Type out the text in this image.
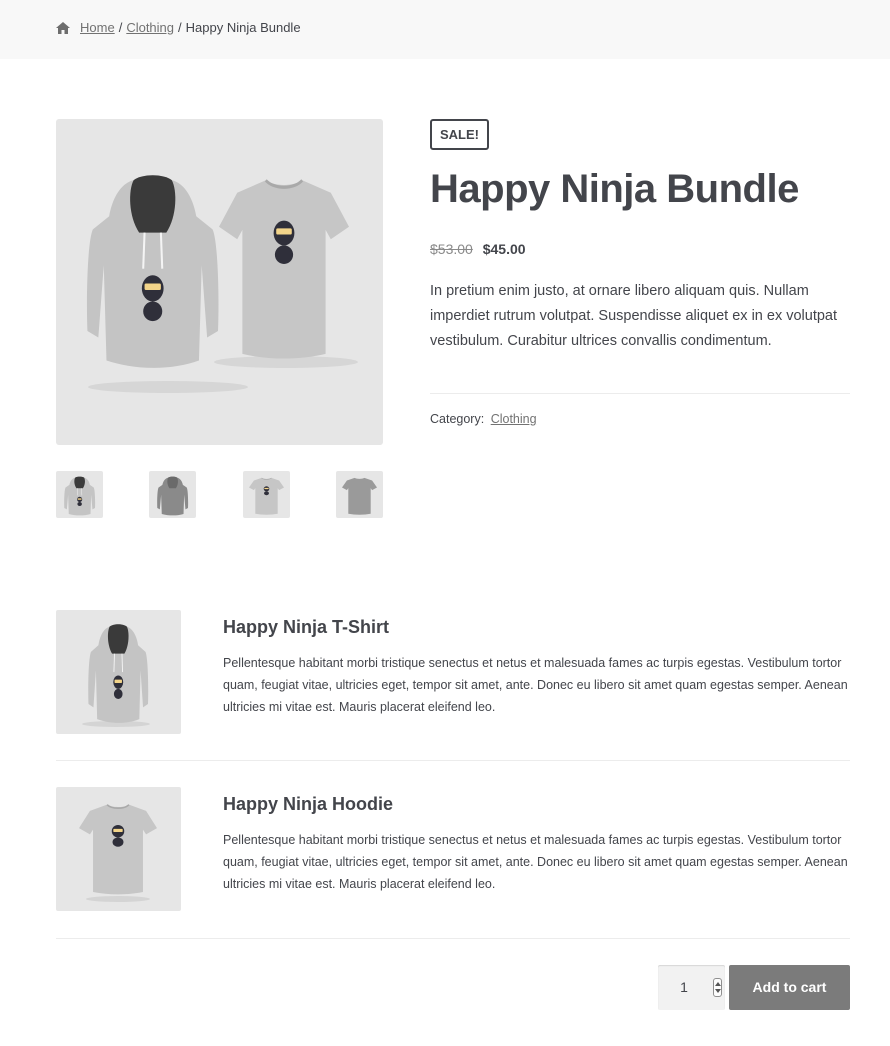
Home / Clothing / Happy Ninja Bundle
SALE!
Happy Ninja Bundle
$53.00 $45.00

In pretium enim justo, at ornare libero aliquam quis. Nullam imperdiet rutrum volutpat. Suspendisse aliquet ex in ex volutpat vestibulum. Curabitur ultrices convallis condimentum.

Category: Clothing
Happy Ninja T-Shirt

Pellentesque habitant morbi tristique senectus et netus et malesuada fames ac turpis egestas. Vestibulum tortor quam, feugiat vitae, ultricies eget, tempor sit amet, ante. Donec eu libero sit amet quam egestas semper. Aenean ultricies mi vitae est. Mauris placerat eleifend leo.

Happy Ninja Hoodie

Pellentesque habitant morbi tristique senectus et netus et malesuada fames ac turpis egestas. Vestibulum tortor quam, feugiat vitae, ultricies eget, tempor sit amet, ante. Donec eu libero sit amet quam egestas semper. Aenean ultricies mi vitae est. Mauris placerat eleifend leo.

1	Add to cart
